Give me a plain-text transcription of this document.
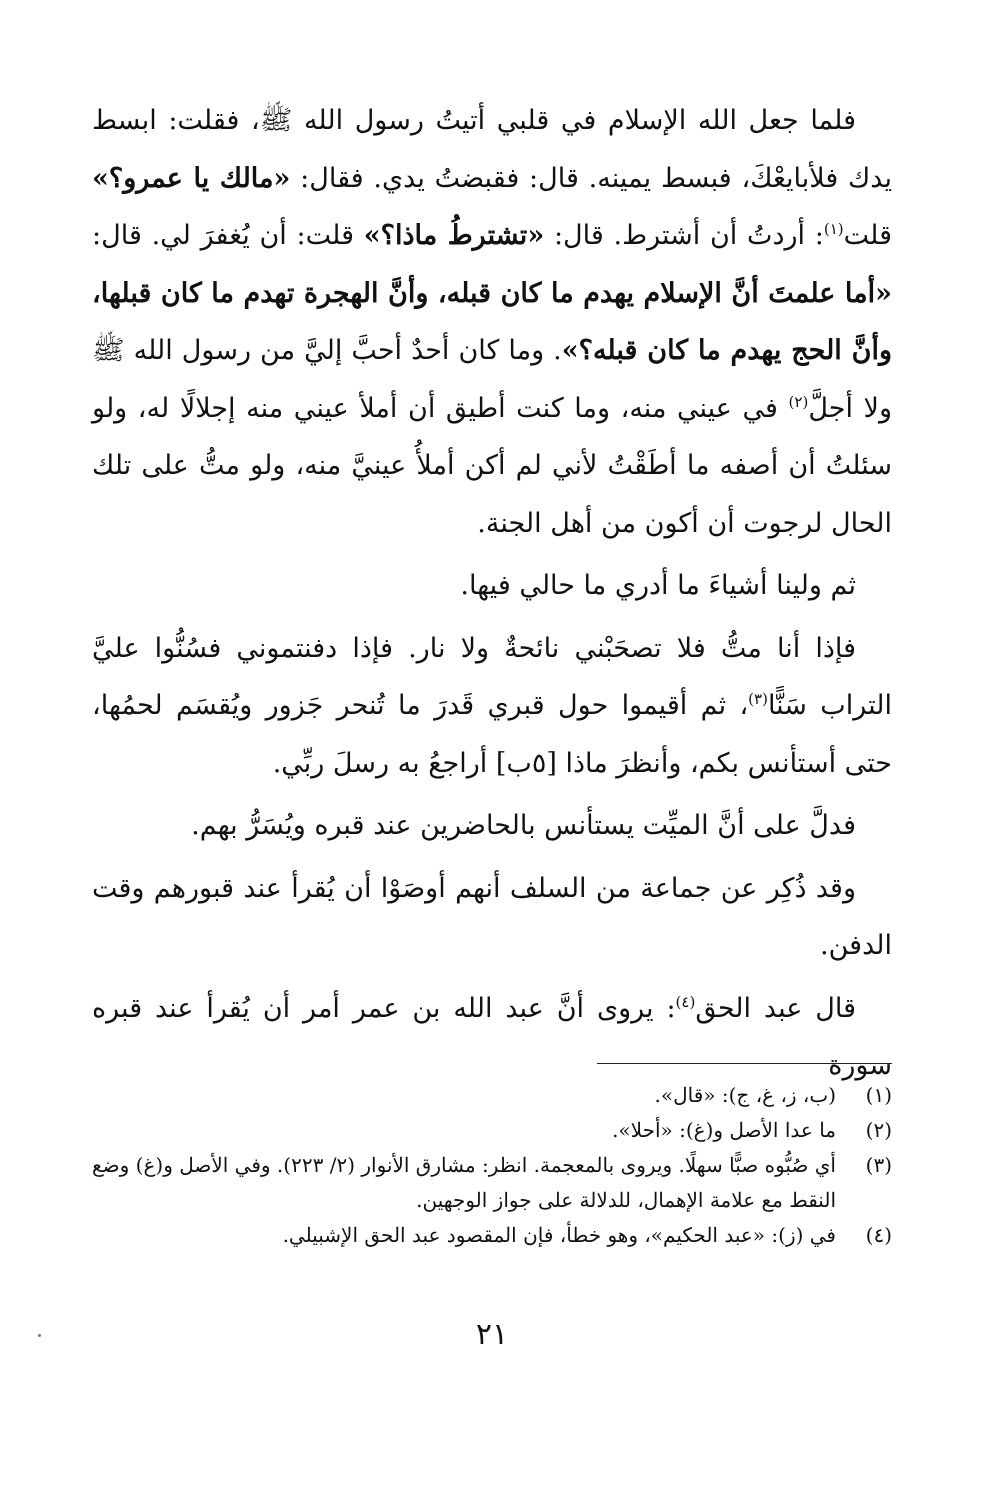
فلما جعل الله الإسلام في قلبي أتيتُ رسول الله ﷺ، فقلت: ابسط يدك فلأبايعْكَ، فبسط يمينه. قال: فقبضتُ يدي. فقال: «مالك يا عمرو؟» قلت$^{(١)}$: أردتُ أن أشترط. قال: «تشترطُ ماذا؟» قلت: أن يُغفرَ لي. قال: «أما علمتَ أنَّ الإسلام يهدم ما كان قبله، وأنَّ الهجرة تهدم ما كان قبلها، وأنَّ الحج يهدم ما كان قبله؟». وما كان أحدٌ أحبَّ إليَّ من رسول الله ﷺ ولا أجلَّ$^{(٢)}$ في عيني منه، وما كنت أطيق أن أملأ عيني منه إجلالًا له، ولو سئلتُ أن أصفه ما أطَقْتُ لأني لم أكن أملأُ عينيَّ منه، ولو متُّ على تلك الحال لرجوت أن أكون من أهل الجنة.

ثم ولينا أشياءَ ما أدري ما حالي فيها.

فإذا أنا متُّ فلا تصحَبْني نائحةٌ ولا نار. فإذا دفنتموني فسُنُّوا عليَّ التراب سَنًّا$^{(٣)}$، ثم أقيموا حول قبري قَدرَ ما تُنحر جَزور ويُقسَم لحمُها، حتى أستأنس بكم، وأنظرَ ماذا [٥ب] أراجعُ به رسلَ ربِّي.

فدلَّ على أنَّ الميِّت يستأنس بالحاضرين عند قبره ويُسَرُّ بهم.

وقد ذُكِر عن جماعة من السلف أنهم أوصَوْا أن يُقرأ عند قبورهم وقت الدفن.

قال عبد الحق$^{(٤)}$: يروى أنَّ عبد الله بن عمر أمر أن يُقرأ عند قبره سورة

(١)
(ب، ز، غ، ج): «قال».
(٢)
ما عدا الأصل و(غ): «أحلا».
(٣)
أي صُبُّوه صبًّا سهلًا. ويروى بالمعجمة. انظر: مشارق الأنوار (٢/ ٢٢٣). وفي الأصل و(غ) وضع النقط مع علامة الإهمال، للدلالة على جواز الوجهين.
(٤)
في (ز): «عبد الحكيم»، وهو خطأ، فإن المقصود عبد الحق الإشبيلي.
٢١
